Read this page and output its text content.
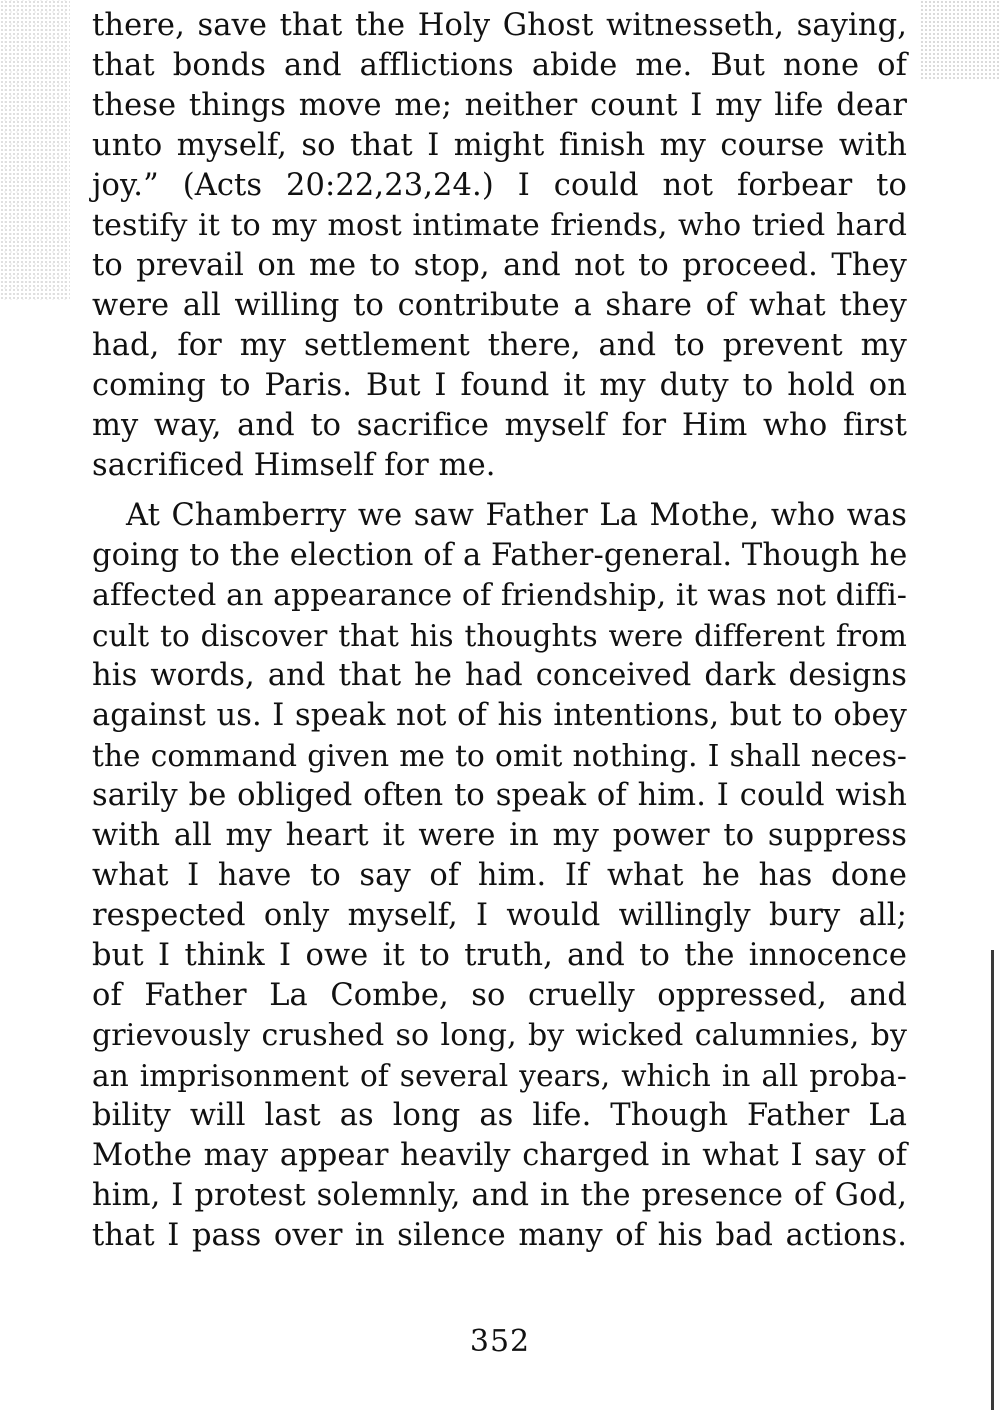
there, save that the Holy Ghost witnesseth, saying,
that bonds and afflictions abide me. But none of
these things move me; neither count I my life dear
unto myself, so that I might finish my course with
joy.” (Acts 20:22,23,24.) I could not forbear to
testify it to my most intimate friends, who tried hard
to prevail on me to stop, and not to proceed. They
were all willing to contribute a share of what they
had, for my settlement there, and to prevent my
coming to Paris. But I found it my duty to hold on
my way, and to sacrifice myself for Him who first
sacrificed Himself for me.
At Chamberry we saw Father La Mothe, who was
going to the election of a Father-general. Though he
affected an appearance of friendship, it was not diffi-
cult to discover that his thoughts were different from
his words, and that he had conceived dark designs
against us. I speak not of his intentions, but to obey
the command given me to omit nothing. I shall neces-
sarily be obliged often to speak of him. I could wish
with all my heart it were in my power to suppress
what I have to say of him. If what he has done
respected only myself, I would willingly bury all;
but I think I owe it to truth, and to the innocence
of Father La Combe, so cruelly oppressed, and
grievously crushed so long, by wicked calumnies, by
an imprisonment of several years, which in all proba-
bility will last as long as life. Though Father La
Mothe may appear heavily charged in what I say of
him, I protest solemnly, and in the presence of God,
that I pass over in silence many of his bad actions.
352
